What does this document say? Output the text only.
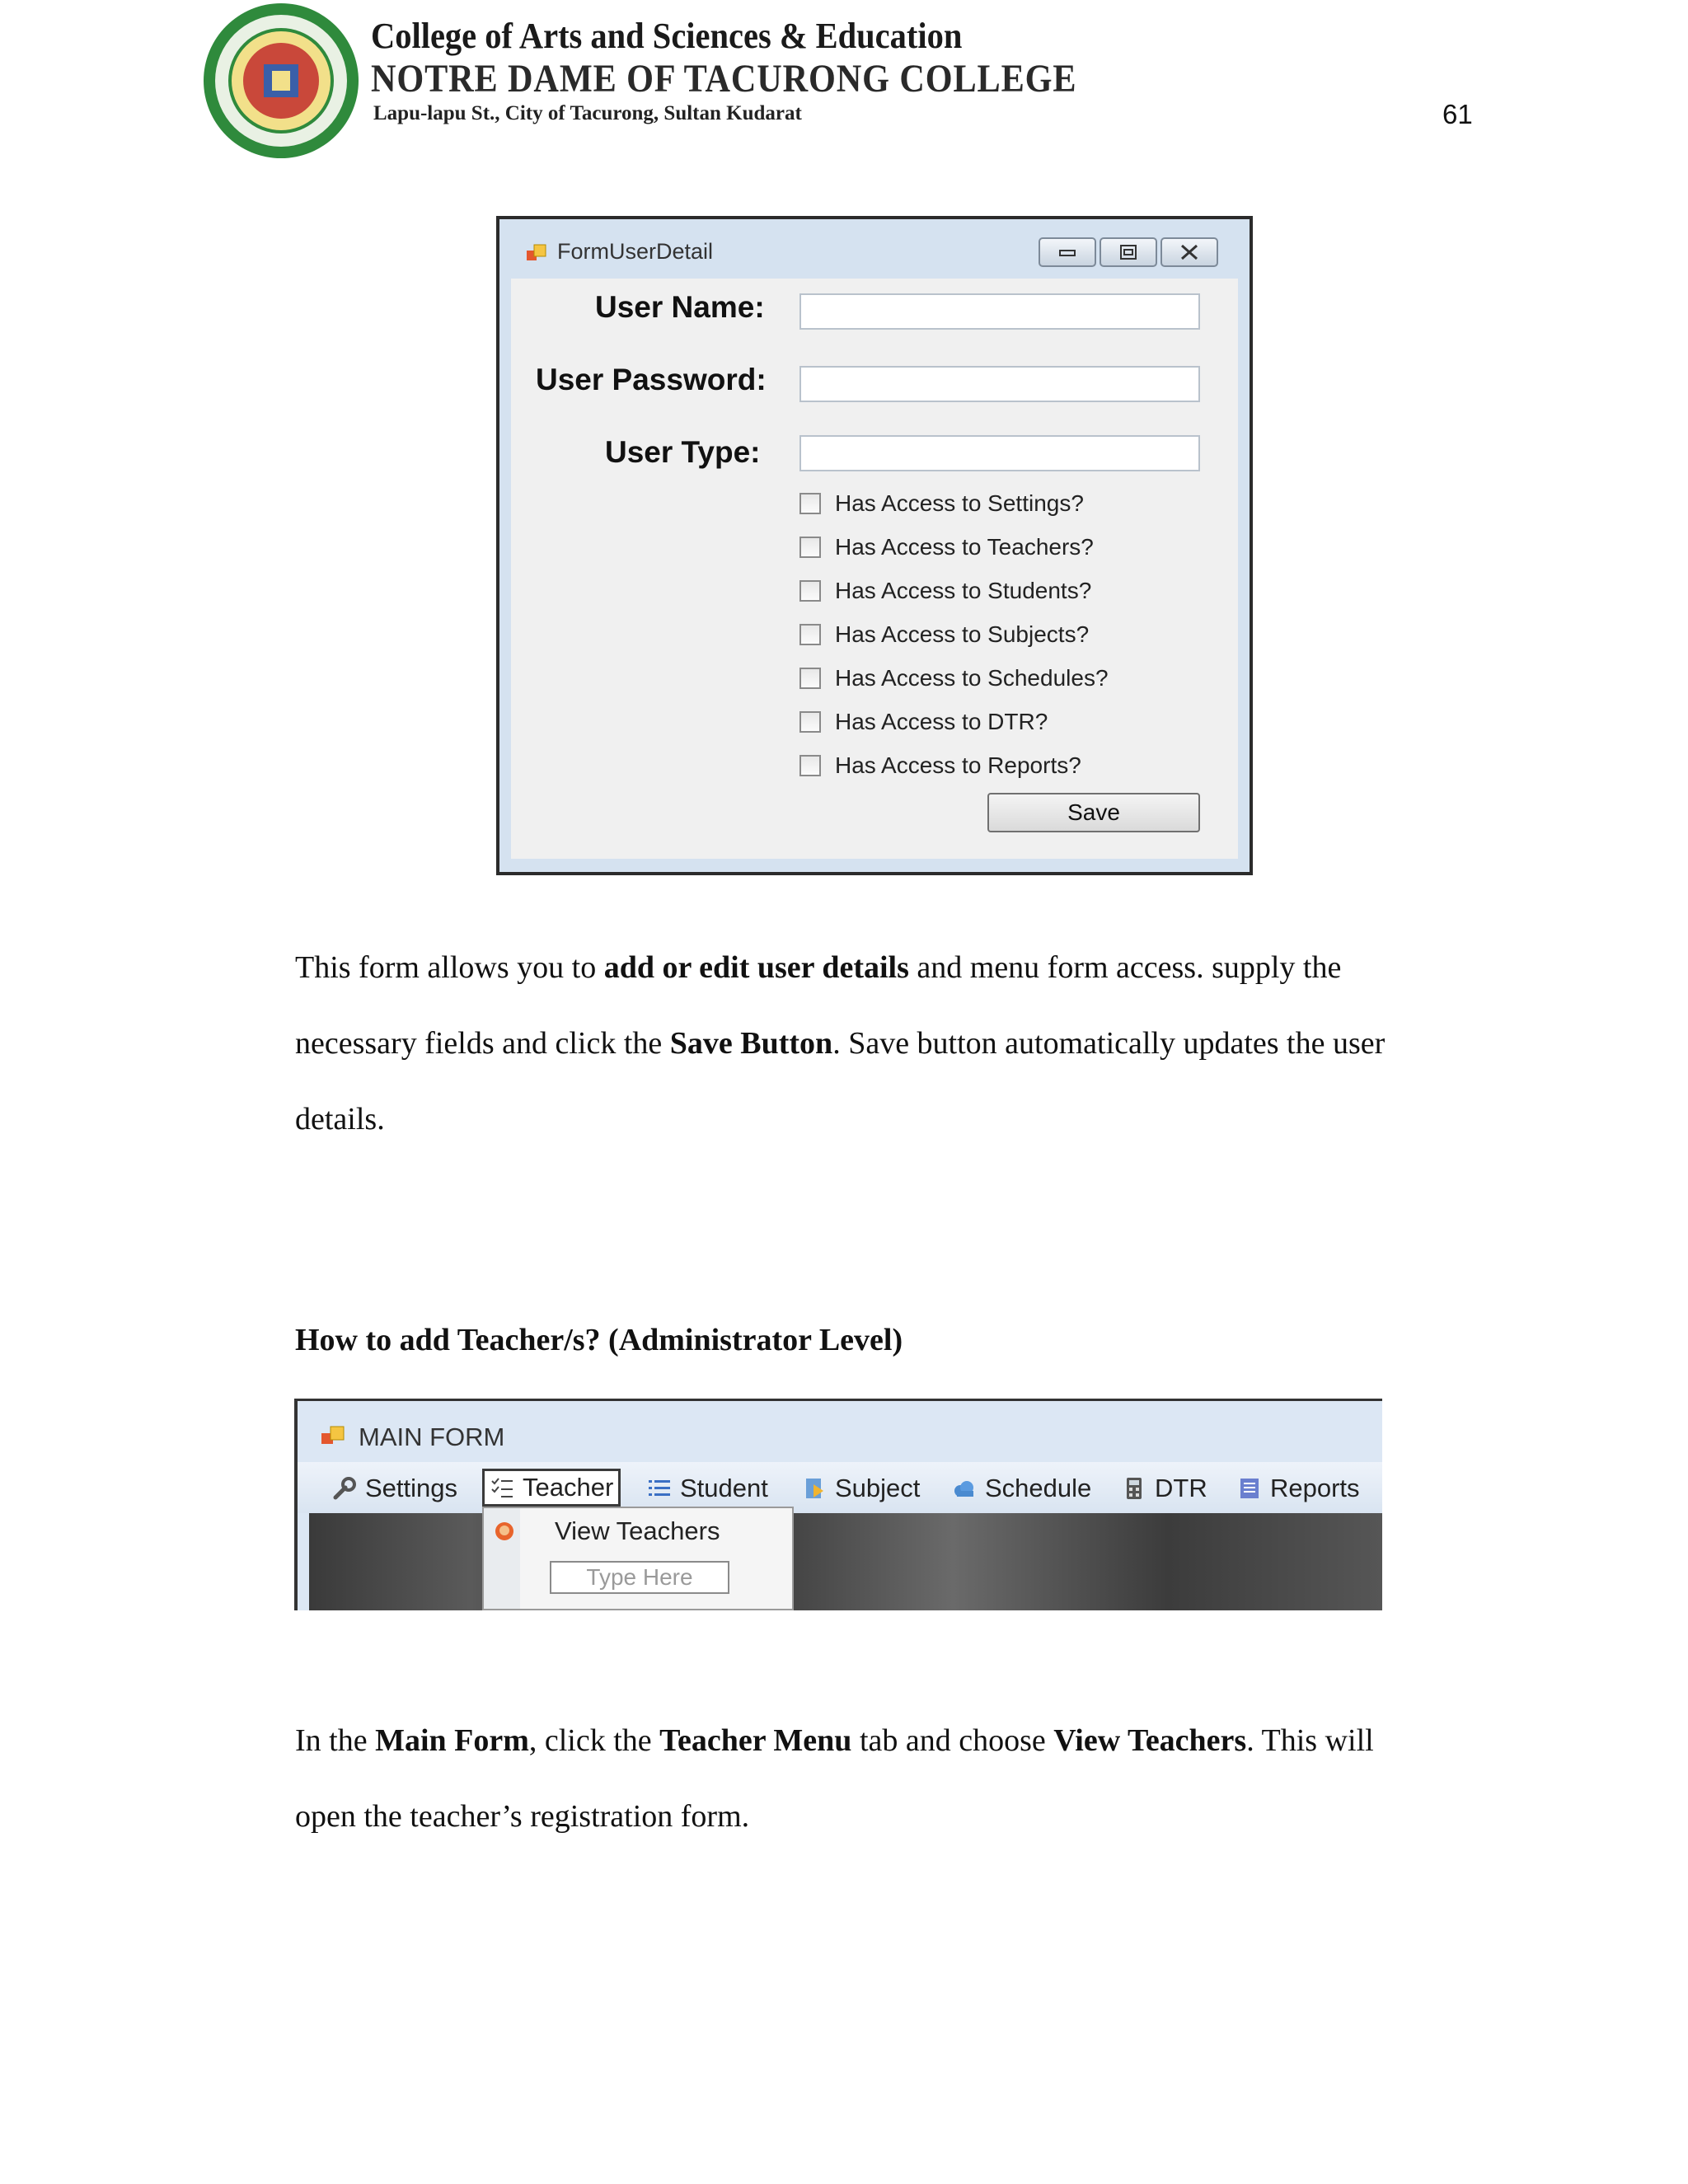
College of Arts and Sciences & Education
NOTRE DAME OF TACURONG COLLEGE
Lapu-lapu St., City of Tacurong, Sultan Kudarat	61
FormUserDetail
User Name:
User Password:
User Type:
Has Access to Settings?
Has Access to Teachers?
Has Access to Students?
Has Access to Subjects?
Has Access to Schedules?
Has Access to DTR?
Has Access to Reports?
Save
This form allows you to add or edit user details and menu form access. supply the
necessary fields and click the Save Button. Save button automatically updates the user
details.
How to add Teacher/s? (Administrator Level)
MAIN FORM
Settings	Teacher	Student	Subject	Schedule DTR Reports
View Teachers
Type Here
In the Main Form, click the Teacher Menu tab and choose View Teachers. This will
open the teacher’s registration form.
